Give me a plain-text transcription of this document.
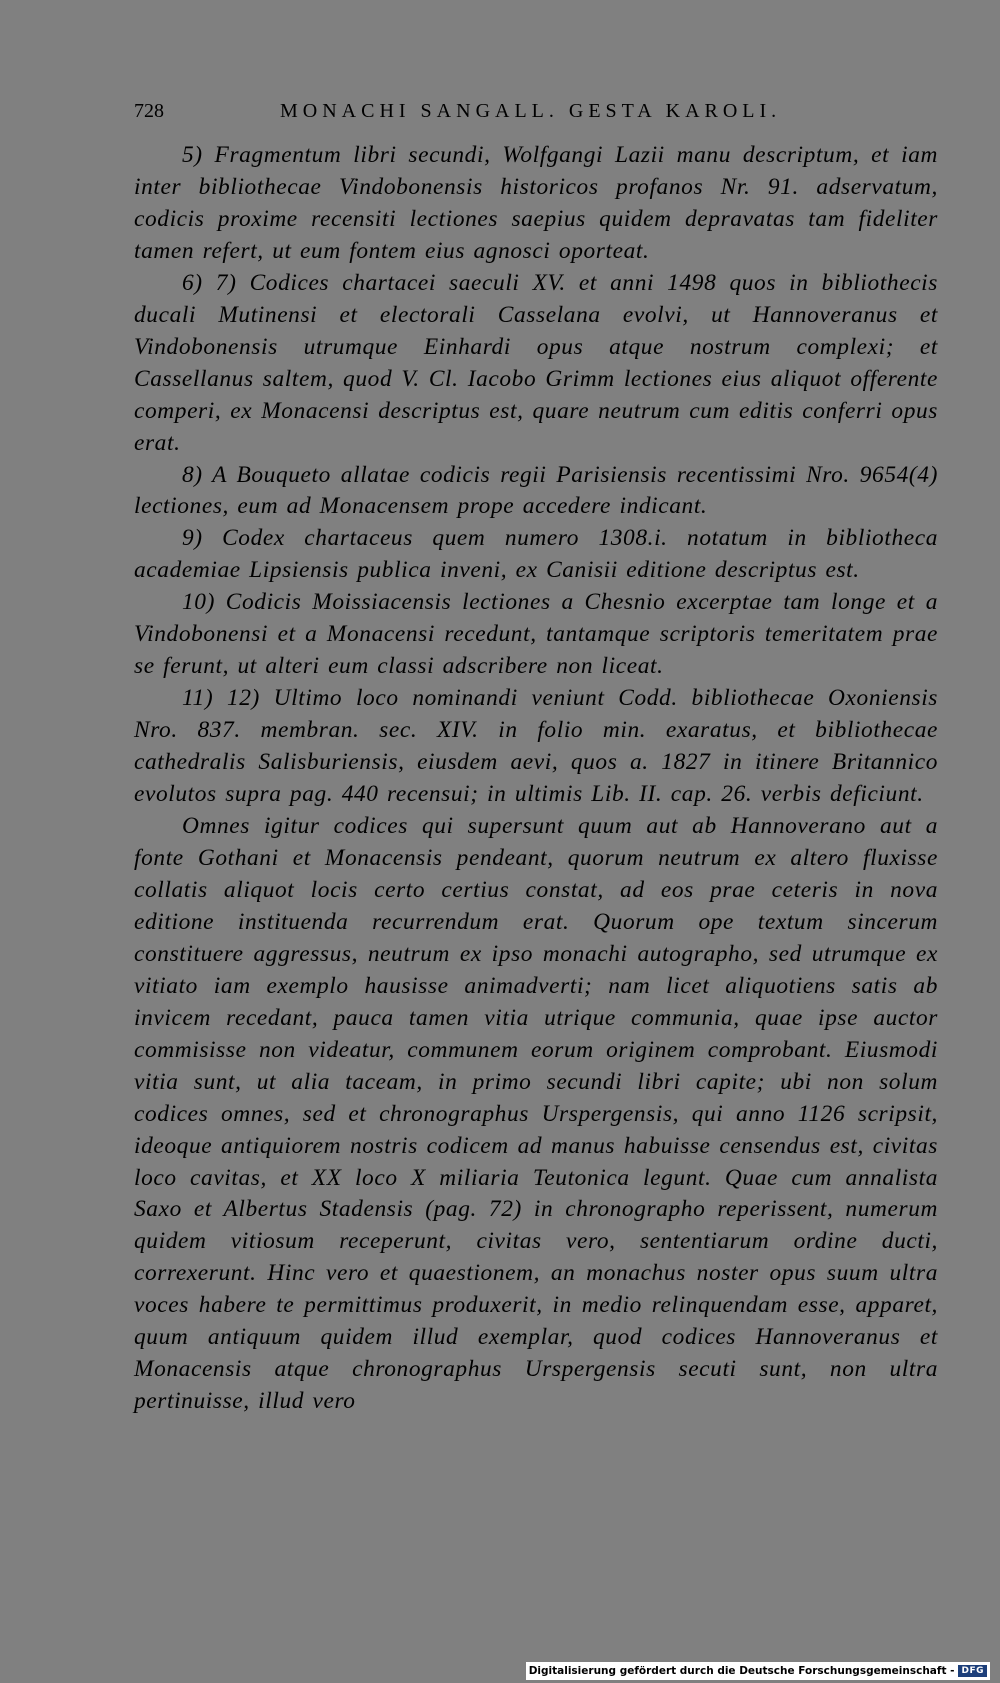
728	MONACHI SANGALL. GESTA KAROLI.

5) Fragmentum libri secundi, Wolfgangi Lazii manu descriptum, et iam inter bibliothecae Vindobonensis historicos profanos Nr. 91. adservatum, codicis proxime recensiti lectiones saepius quidem depravatas tam fideliter tamen refert, ut eum fontem eius agnosci oporteat.

6) 7) Codices chartacei saeculi XV. et anni 1498 quos in bibliothecis ducali Mutinensi et electorali Casselana evolvi, ut Hannoveranus et Vindobonensis utrumque Einhardi opus atque nostrum complexi; et Cassellanus saltem, quod V. Cl. Iacobo Grimm lectiones eius aliquot offerente comperi, ex Monacensi descriptus est, quare neutrum cum editis conferri opus erat.

8) A Bouqueto allatae codicis regii Parisiensis recentissimi Nro. 9654(4) lectiones, eum ad Monacensem prope accedere indicant.

9) Codex chartaceus quem numero 1308.i. notatum in bibliotheca academiae Lipsiensis publica inveni, ex Canisii editione descriptus est.

10) Codicis Moissiacensis lectiones a Chesnio excerptae tam longe et a Vindobonensi et a Monacensi recedunt, tantamque scriptoris temeritatem prae se ferunt, ut alteri eum classi adscribere non liceat.

11) 12) Ultimo loco nominandi veniunt Codd. bibliothecae Oxoniensis Nro. 837. membran. sec. XIV. in folio min. exaratus, et bibliothecae cathedralis Salisburiensis, eiusdem aevi, quos a. 1827 in itinere Britannico evolutos supra pag. 440 recensui; in ultimis Lib. II. cap. 26. verbis deficiunt.

Omnes igitur codices qui supersunt quum aut ab Hannoverano aut a fonte Gothani et Monacensis pendeant, quorum neutrum ex altero fluxisse collatis aliquot locis certo certius constat, ad eos prae ceteris in nova editione instituenda recurrendum erat. Quorum ope textum sincerum constituere aggressus, neutrum ex ipso monachi autographo, sed utrumque ex vitiato iam exemplo hausisse animadverti; nam licet aliquotiens satis ab invicem recedant, pauca tamen vitia utrique communia, quae ipse auctor commisisse non videatur, communem eorum originem comprobant. Eiusmodi vitia sunt, ut alia taceam, in primo secundi libri capite; ubi non solum codices omnes, sed et chronographus Urspergensis, qui anno 1126 scripsit, ideoque antiquiorem nostris codicem ad manus habuisse censendus est, civitas loco cavitas, et XX loco X miliaria Teutonica legunt. Quae cum annalista Saxo et Albertus Stadensis (pag. 72) in chronographo reperissent, numerum quidem vitiosum receperunt, civitas vero, sententiarum ordine ducti, correxerunt. Hinc vero et quaestionem, an monachus noster opus suum ultra voces habere te permittimus produxerit, in medio relinquendam esse, apparet, quum antiquum quidem illud exemplar, quod codices Hannoveranus et Monacensis atque chronographus Urspergensis secuti sunt, non ultra pertinuisse, illud vero

Digitalisierung gefördert durch die Deutsche Forschungsgemeinschaft - DFG
